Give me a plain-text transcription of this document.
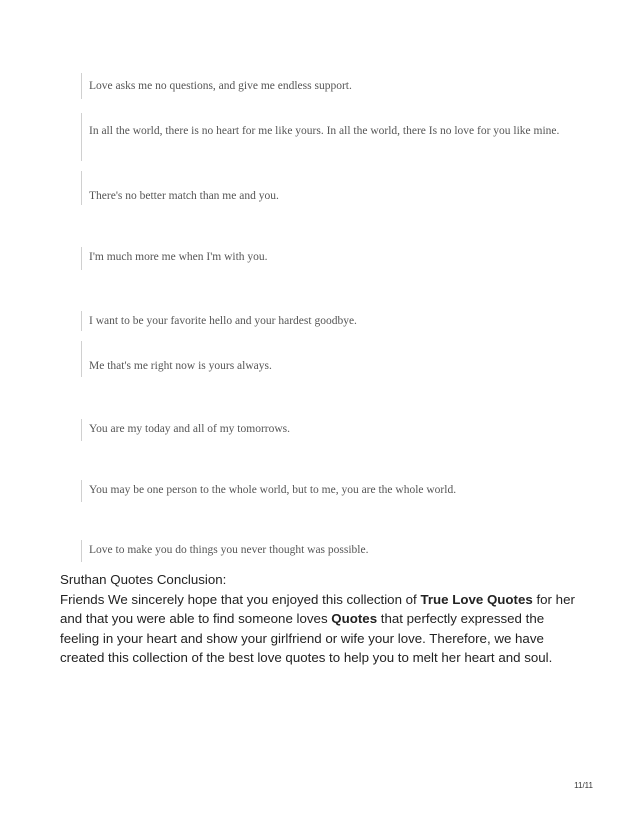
Love asks me no questions, and give me endless support.
In all the world, there is no heart for me like yours. In all the world, there Is no love for you like mine.
There's no better match than me and you.
I'm much more me when I'm with you.
I want to be your favorite hello and your hardest goodbye.
Me that's me right now is yours always.
You are my today and all of my tomorrows.
You may be one person to the whole world, but to me, you are the whole world.
Love to make you do things you never thought was possible.
Sruthan Quotes Conclusion:
Friends We sincerely hope that you enjoyed this collection of True Love Quotes for her and that you were able to find someone loves Quotes that perfectly expressed the feeling in your heart and show your girlfriend or wife your love. Therefore, we have created this collection of the best love quotes to help you to melt her heart and soul.
11/11
